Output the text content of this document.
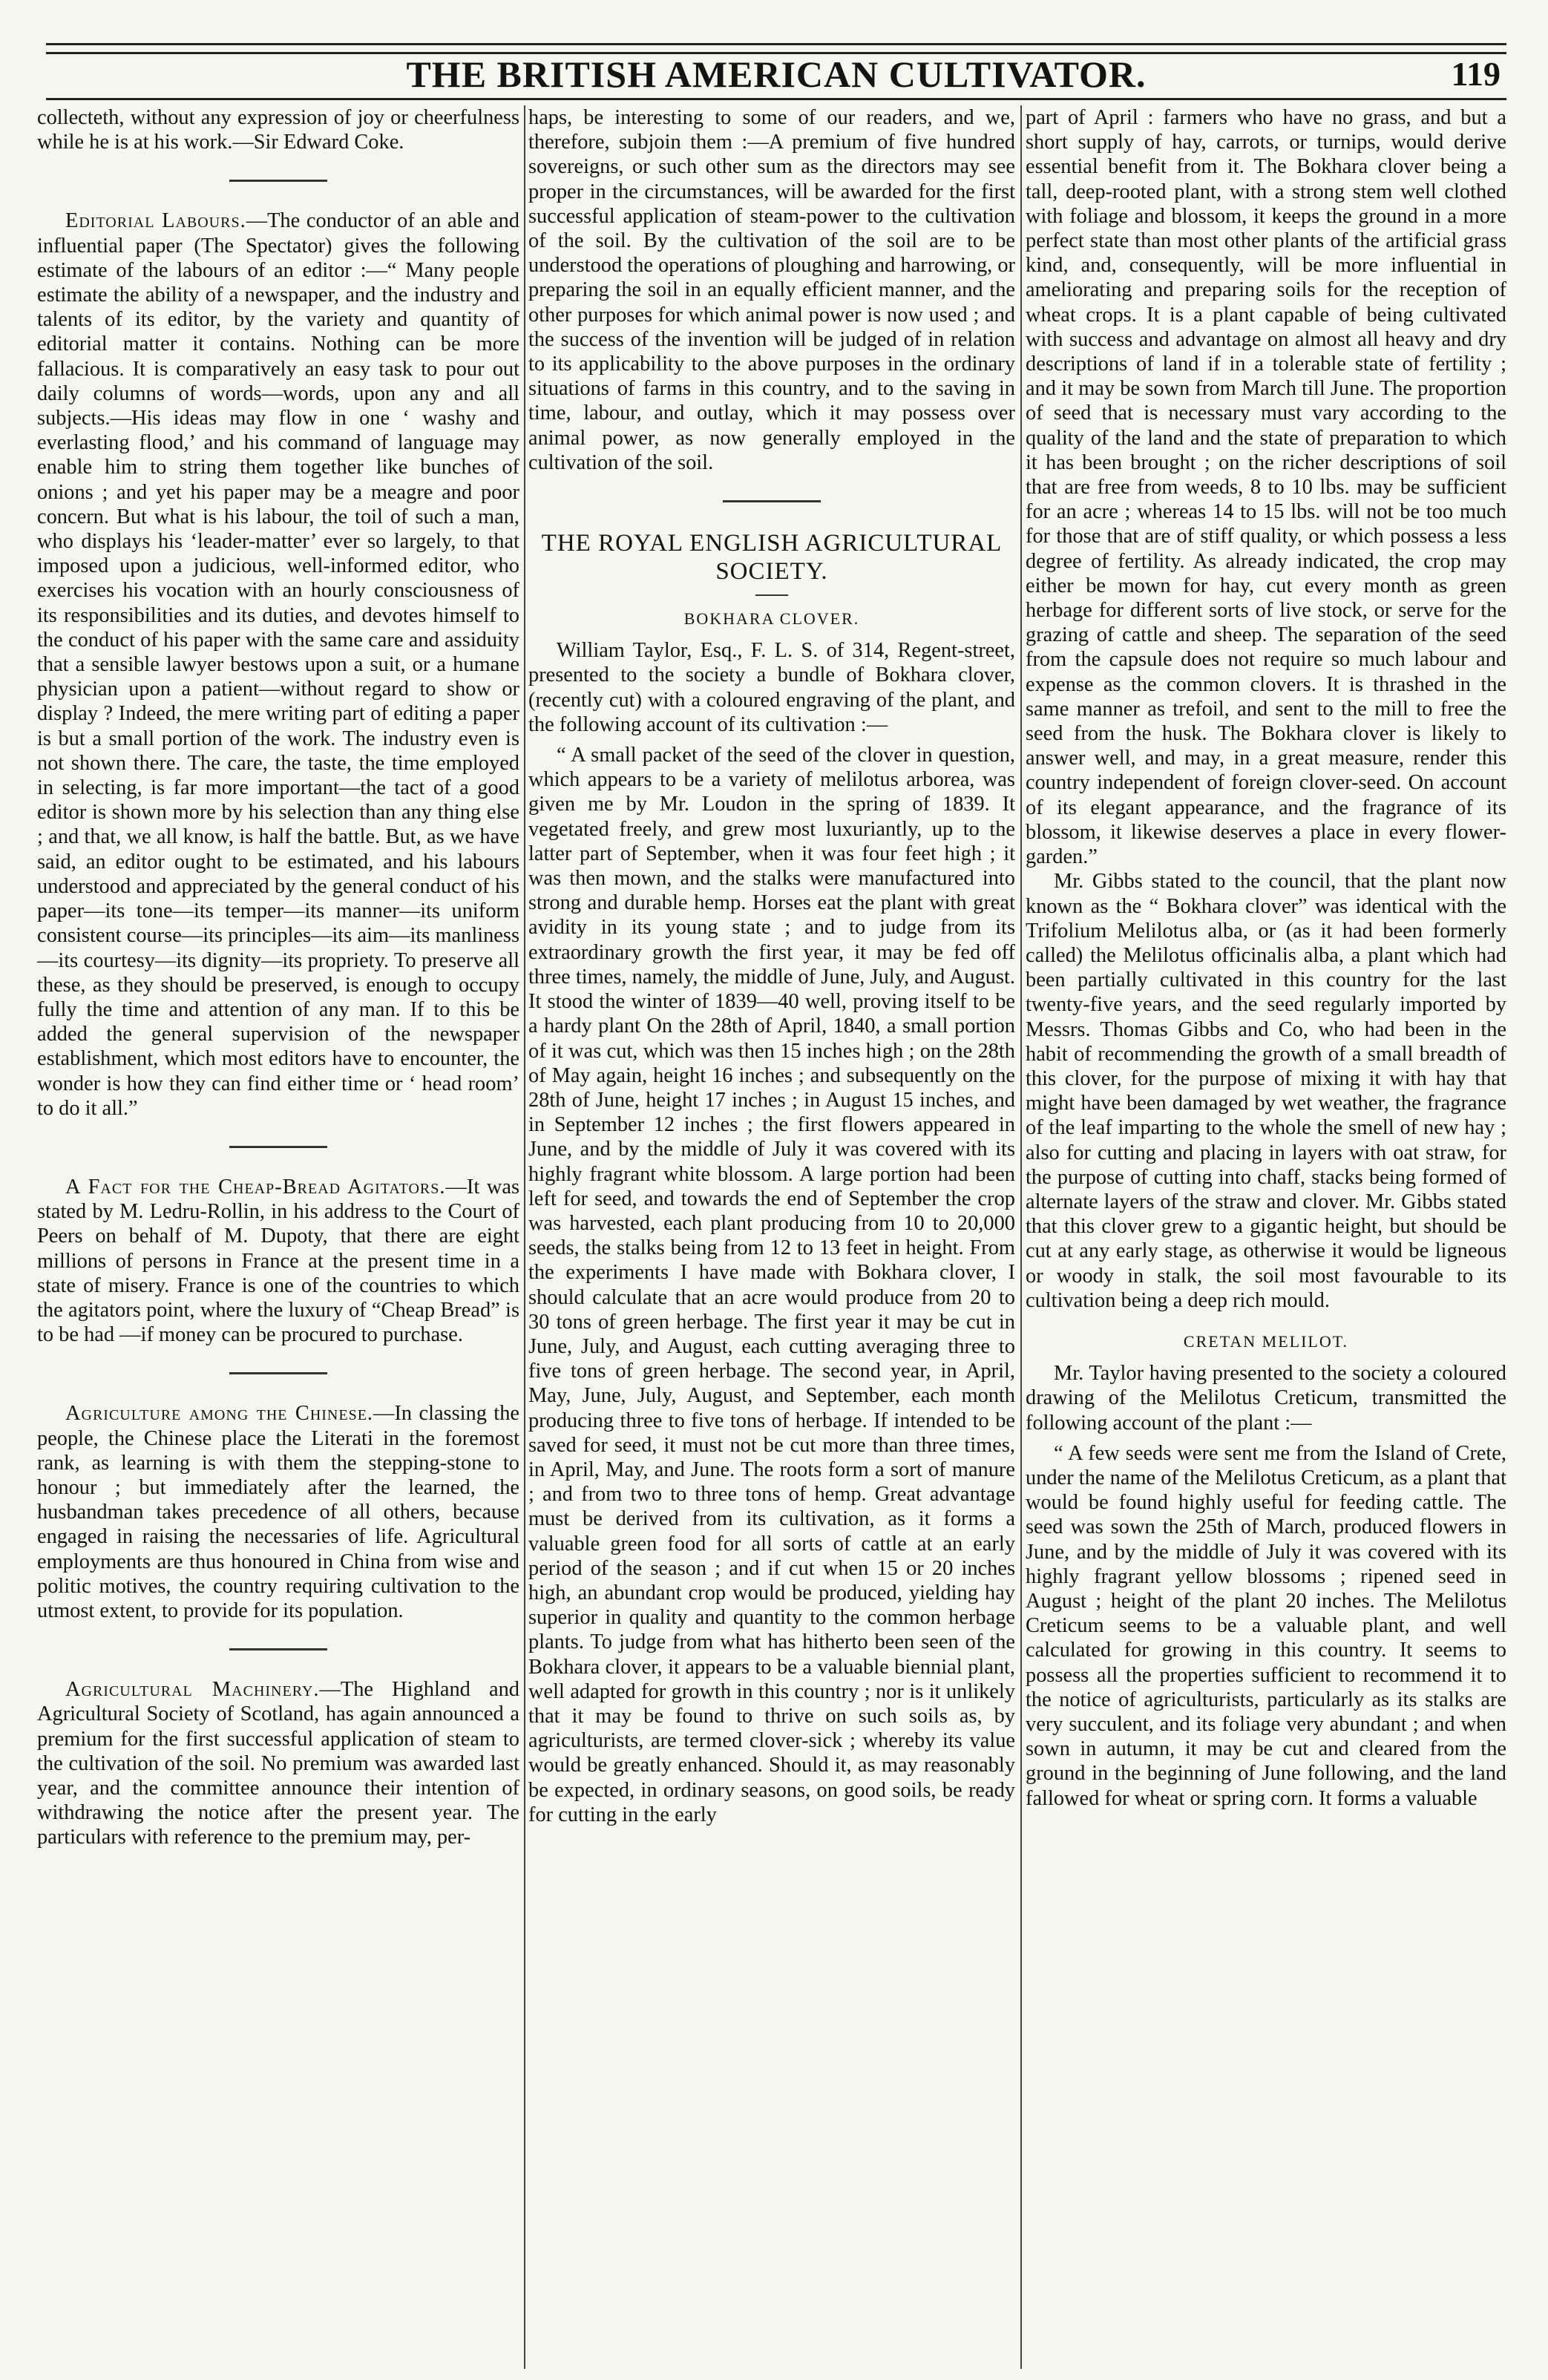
THE BRITISH AMERICAN CULTIVATOR.	119

collecteth, without any expression of joy or cheerfulness while he is at his work.—Sir Edward Coke.

Editorial Labours.—The conductor of an able and influential paper (The Spectator) gives the following estimate of the labours of an editor :—“ Many people estimate the ability of a newspaper, and the industry and talents of its editor, by the variety and quantity of editorial matter it contains. Nothing can be more fallacious. It is comparatively an easy task to pour out daily columns of words—words, upon any and all subjects.—His ideas may flow in one ‘ washy and everlasting flood,’ and his command of language may enable him to string them together like bunches of onions ; and yet his paper may be a meagre and poor concern. But what is his labour, the toil of such a man, who displays his ‘leader-matter’ ever so largely, to that imposed upon a judicious, well-informed editor, who exercises his vocation with an hourly consciousness of its responsibilities and its duties, and devotes himself to the conduct of his paper with the same care and assiduity that a sensible lawyer bestows upon a suit, or a humane physician upon a patient—without regard to show or display ? Indeed, the mere writing part of editing a paper is but a small portion of the work. The industry even is not shown there. The care, the taste, the time employed in selecting, is far more important—the tact of a good editor is shown more by his selection than any thing else ; and that, we all know, is half the battle. But, as we have said, an editor ought to be estimated, and his labours understood and appreciated by the general conduct of his paper—its tone—its temper—its manner—its uniform consistent course—its principles—its aim—its manliness—its courtesy—its dignity—its propriety. To preserve all these, as they should be preserved, is enough to occupy fully the time and attention of any man. If to this be added the general supervision of the newspaper establishment, which most editors have to encounter, the wonder is how they can find either time or ‘ head room’ to do it all.”

A Fact for the Cheap-Bread Agitators.—It was stated by M. Ledru-Rollin, in his address to the Court of Peers on behalf of M. Dupoty, that there are eight millions of persons in France at the present time in a state of misery. France is one of the countries to which the agitators point, where the luxury of “Cheap Bread” is to be had —if money can be procured to purchase.

Agriculture among the Chinese.—In classing the people, the Chinese place the Literati in the foremost rank, as learning is with them the stepping-stone to honour ; but immediately after the learned, the husbandman takes precedence of all others, because engaged in raising the necessaries of life. Agricultural employments are thus honoured in China from wise and politic motives, the country requiring cultivation to the utmost extent, to provide for its population.

Agricultural Machinery.—The Highland and Agricultural Society of Scotland, has again announced a premium for the first successful application of steam to the cultivation of the soil. No premium was awarded last year, and the committee announce their intention of withdrawing the notice after the present year. The particulars with reference to the premium may, per-

haps, be interesting to some of our readers, and we, therefore, subjoin them :—A premium of five hundred sovereigns, or such other sum as the directors may see proper in the circumstances, will be awarded for the first successful application of steam-power to the cultivation of the soil. By the cultivation of the soil are to be understood the operations of ploughing and harrowing, or preparing the soil in an equally efficient manner, and the other purposes for which animal power is now used ; and the success of the invention will be judged of in relation to its applicability to the above purposes in the ordinary situations of farms in this country, and to the saving in time, labour, and outlay, which it may possess over animal power, as now generally employed in the cultivation of the soil.

THE ROYAL ENGLISH AGRICULTURAL SOCIETY.
BOKHARA CLOVER.

William Taylor, Esq., F. L. S. of 314, Regent-street, presented to the society a bundle of Bokhara clover, (recently cut) with a coloured engraving of the plant, and the following account of its cultivation :—

“ A small packet of the seed of the clover in question, which appears to be a variety of melilotus arborea, was given me by Mr. Loudon in the spring of 1839. It vegetated freely, and grew most luxuriantly, up to the latter part of September, when it was four feet high ; it was then mown, and the stalks were manufactured into strong and durable hemp. Horses eat the plant with great avidity in its young state ; and to judge from its extraordinary growth the first year, it may be fed off three times, namely, the middle of June, July, and August. It stood the winter of 1839—40 well, proving itself to be a hardy plant On the 28th of April, 1840, a small portion of it was cut, which was then 15 inches high ; on the 28th of May again, height 16 inches ; and subsequently on the 28th of June, height 17 inches ; in August 15 inches, and in September 12 inches ; the first flowers appeared in June, and by the middle of July it was covered with its highly fragrant white blossom. A large portion had been left for seed, and towards the end of September the crop was harvested, each plant producing from 10 to 20,000 seeds, the stalks being from 12 to 13 feet in height. From the experiments I have made with Bokhara clover, I should calculate that an acre would produce from 20 to 30 tons of green herbage. The first year it may be cut in June, July, and August, each cutting averaging three to five tons of green herbage. The second year, in April, May, June, July, August, and September, each month producing three to five tons of herbage. If intended to be saved for seed, it must not be cut more than three times, in April, May, and June. The roots form a sort of manure ; and from two to three tons of hemp. Great advantage must be derived from its cultivation, as it forms a valuable green food for all sorts of cattle at an early period of the season ; and if cut when 15 or 20 inches high, an abundant crop would be produced, yielding hay superior in quality and quantity to the common herbage plants. To judge from what has hitherto been seen of the Bokhara clover, it appears to be a valuable biennial plant, well adapted for growth in this country ; nor is it unlikely that it may be found to thrive on such soils as, by agriculturists, are termed clover-sick ; whereby its value would be greatly enhanced. Should it, as may reasonably be expected, in ordinary seasons, on good soils, be ready for cutting in the early

part of April : farmers who have no grass, and but a short supply of hay, carrots, or turnips, would derive essential benefit from it. The Bokhara clover being a tall, deep-rooted plant, with a strong stem well clothed with foliage and blossom, it keeps the ground in a more perfect state than most other plants of the artificial grass kind, and, consequently, will be more influential in ameliorating and preparing soils for the reception of wheat crops. It is a plant capable of being cultivated with success and advantage on almost all heavy and dry descriptions of land if in a tolerable state of fertility ; and it may be sown from March till June. The proportion of seed that is necessary must vary according to the quality of the land and the state of preparation to which it has been brought ; on the richer descriptions of soil that are free from weeds, 8 to 10 lbs. may be sufficient for an acre ; whereas 14 to 15 lbs. will not be too much for those that are of stiff quality, or which possess a less degree of fertility. As already indicated, the crop may either be mown for hay, cut every month as green herbage for different sorts of live stock, or serve for the grazing of cattle and sheep. The separation of the seed from the capsule does not require so much labour and expense as the common clovers. It is thrashed in the same manner as trefoil, and sent to the mill to free the seed from the husk. The Bokhara clover is likely to answer well, and may, in a great measure, render this country independent of foreign clover-seed. On account of its elegant appearance, and the fragrance of its blossom, it likewise deserves a place in every flower-garden.”

Mr. Gibbs stated to the council, that the plant now known as the “ Bokhara clover” was identical with the Trifolium Melilotus alba, or (as it had been formerly called) the Melilotus officinalis alba, a plant which had been partially cultivated in this country for the last twenty-five years, and the seed regularly imported by Messrs. Thomas Gibbs and Co, who had been in the habit of recommending the growth of a small breadth of this clover, for the purpose of mixing it with hay that might have been damaged by wet weather, the fragrance of the leaf imparting to the whole the smell of new hay ; also for cutting and placing in layers with oat straw, for the purpose of cutting into chaff, stacks being formed of alternate layers of the straw and clover. Mr. Gibbs stated that this clover grew to a gigantic height, but should be cut at any early stage, as otherwise it would be ligneous or woody in stalk, the soil most favourable to its cultivation being a deep rich mould.

CRETAN MELILOT.

Mr. Taylor having presented to the society a coloured drawing of the Melilotus Creticum, transmitted the following account of the plant :—

“ A few seeds were sent me from the Island of Crete, under the name of the Melilotus Creticum, as a plant that would be found highly useful for feeding cattle. The seed was sown the 25th of March, produced flowers in June, and by the middle of July it was covered with its highly fragrant yellow blossoms ; ripened seed in August ; height of the plant 20 inches. The Melilotus Creticum seems to be a valuable plant, and well calculated for growing in this country. It seems to possess all the properties sufficient to recommend it to the notice of agriculturists, particularly as its stalks are very succulent, and its foliage very abundant ; and when sown in autumn, it may be cut and cleared from the ground in the beginning of June following, and the land fallowed for wheat or spring corn. It forms a valuable
